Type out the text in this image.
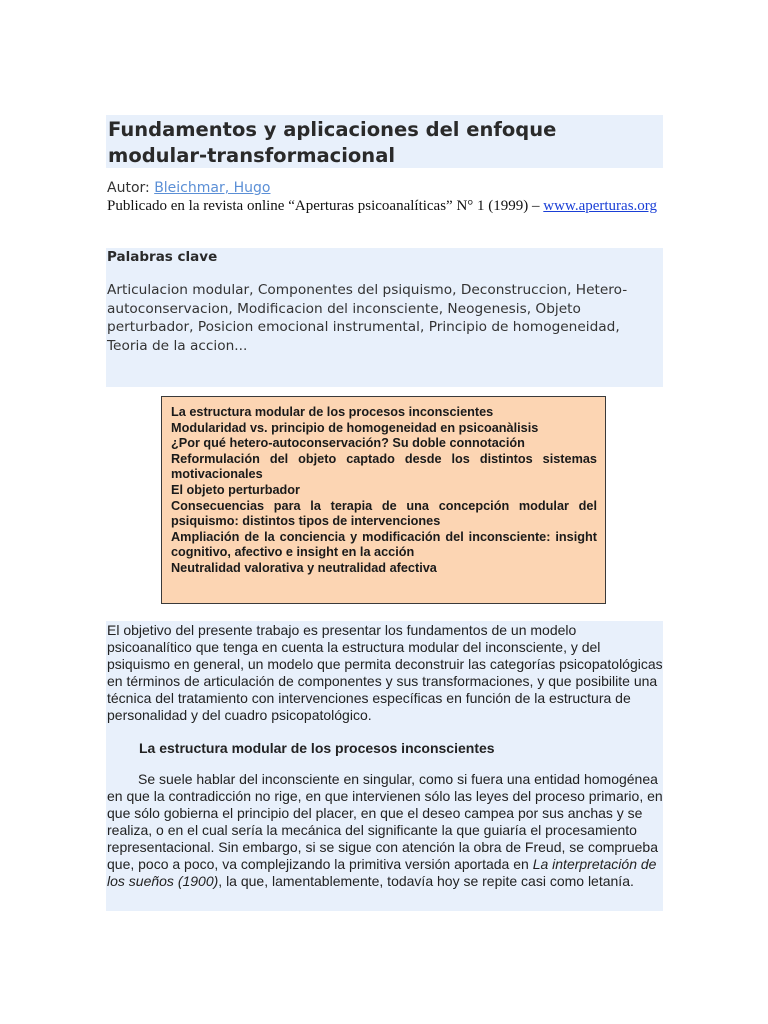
Fundamentos y aplicaciones del enfoque modular-transformacional
Autor: Bleichmar, Hugo
Publicado en la revista online “Aperturas psicoanalíticas” N° 1 (1999) – www.aperturas.org
Palabras clave
Articulacion modular, Componentes del psiquismo, Deconstruccion, Hetero-autoconservacion, Modificacion del inconsciente, Neogenesis, Objeto perturbador, Posicion emocional instrumental, Principio de homogeneidad, Teoria de la accion...
La estructura modular de los procesos inconscientes
Modularidad vs. principio de homogeneidad en psicoanàlisis
¿Por qué hetero-autoconservación? Su doble connotación
Reformulación del objeto captado desde los distintos sistemas motivacionales
El objeto perturbador
Consecuencias para la terapia de una concepción modular del psiquismo: distintos tipos de intervenciones
Ampliación de la conciencia y modificación del inconsciente: insight cognitivo, afectivo e insight en la acción
Neutralidad valorativa y neutralidad afectiva

El objetivo del presente trabajo es presentar los fundamentos de un modelo psicoanalítico que tenga en cuenta la estructura modular del inconsciente, y del psiquismo en general, un modelo que permita deconstruir las categorías psicopatológicas en términos de articulación de componentes y sus transformaciones, y que posibilite una técnica del tratamiento con intervenciones específicas en función de la estructura de personalidad y del cuadro psicopatológico.

La estructura modular de los procesos inconscientes

Se suele hablar del inconsciente en singular, como si fuera una entidad homogénea en que la contradicción no rige, en que intervienen sólo las leyes del proceso primario, en que sólo gobierna el principio del placer, en que el deseo campea por sus anchas y se realiza, o en el cual sería la mecánica del significante la que guiaría el procesamiento representacional. Sin embargo, si se sigue con atención la obra de Freud, se comprueba que, poco a poco, va complejizando la primitiva versión aportada en La interpretación de los sueños (1900), la que, lamentablemente, todavía hoy se repite casi como letanía.
